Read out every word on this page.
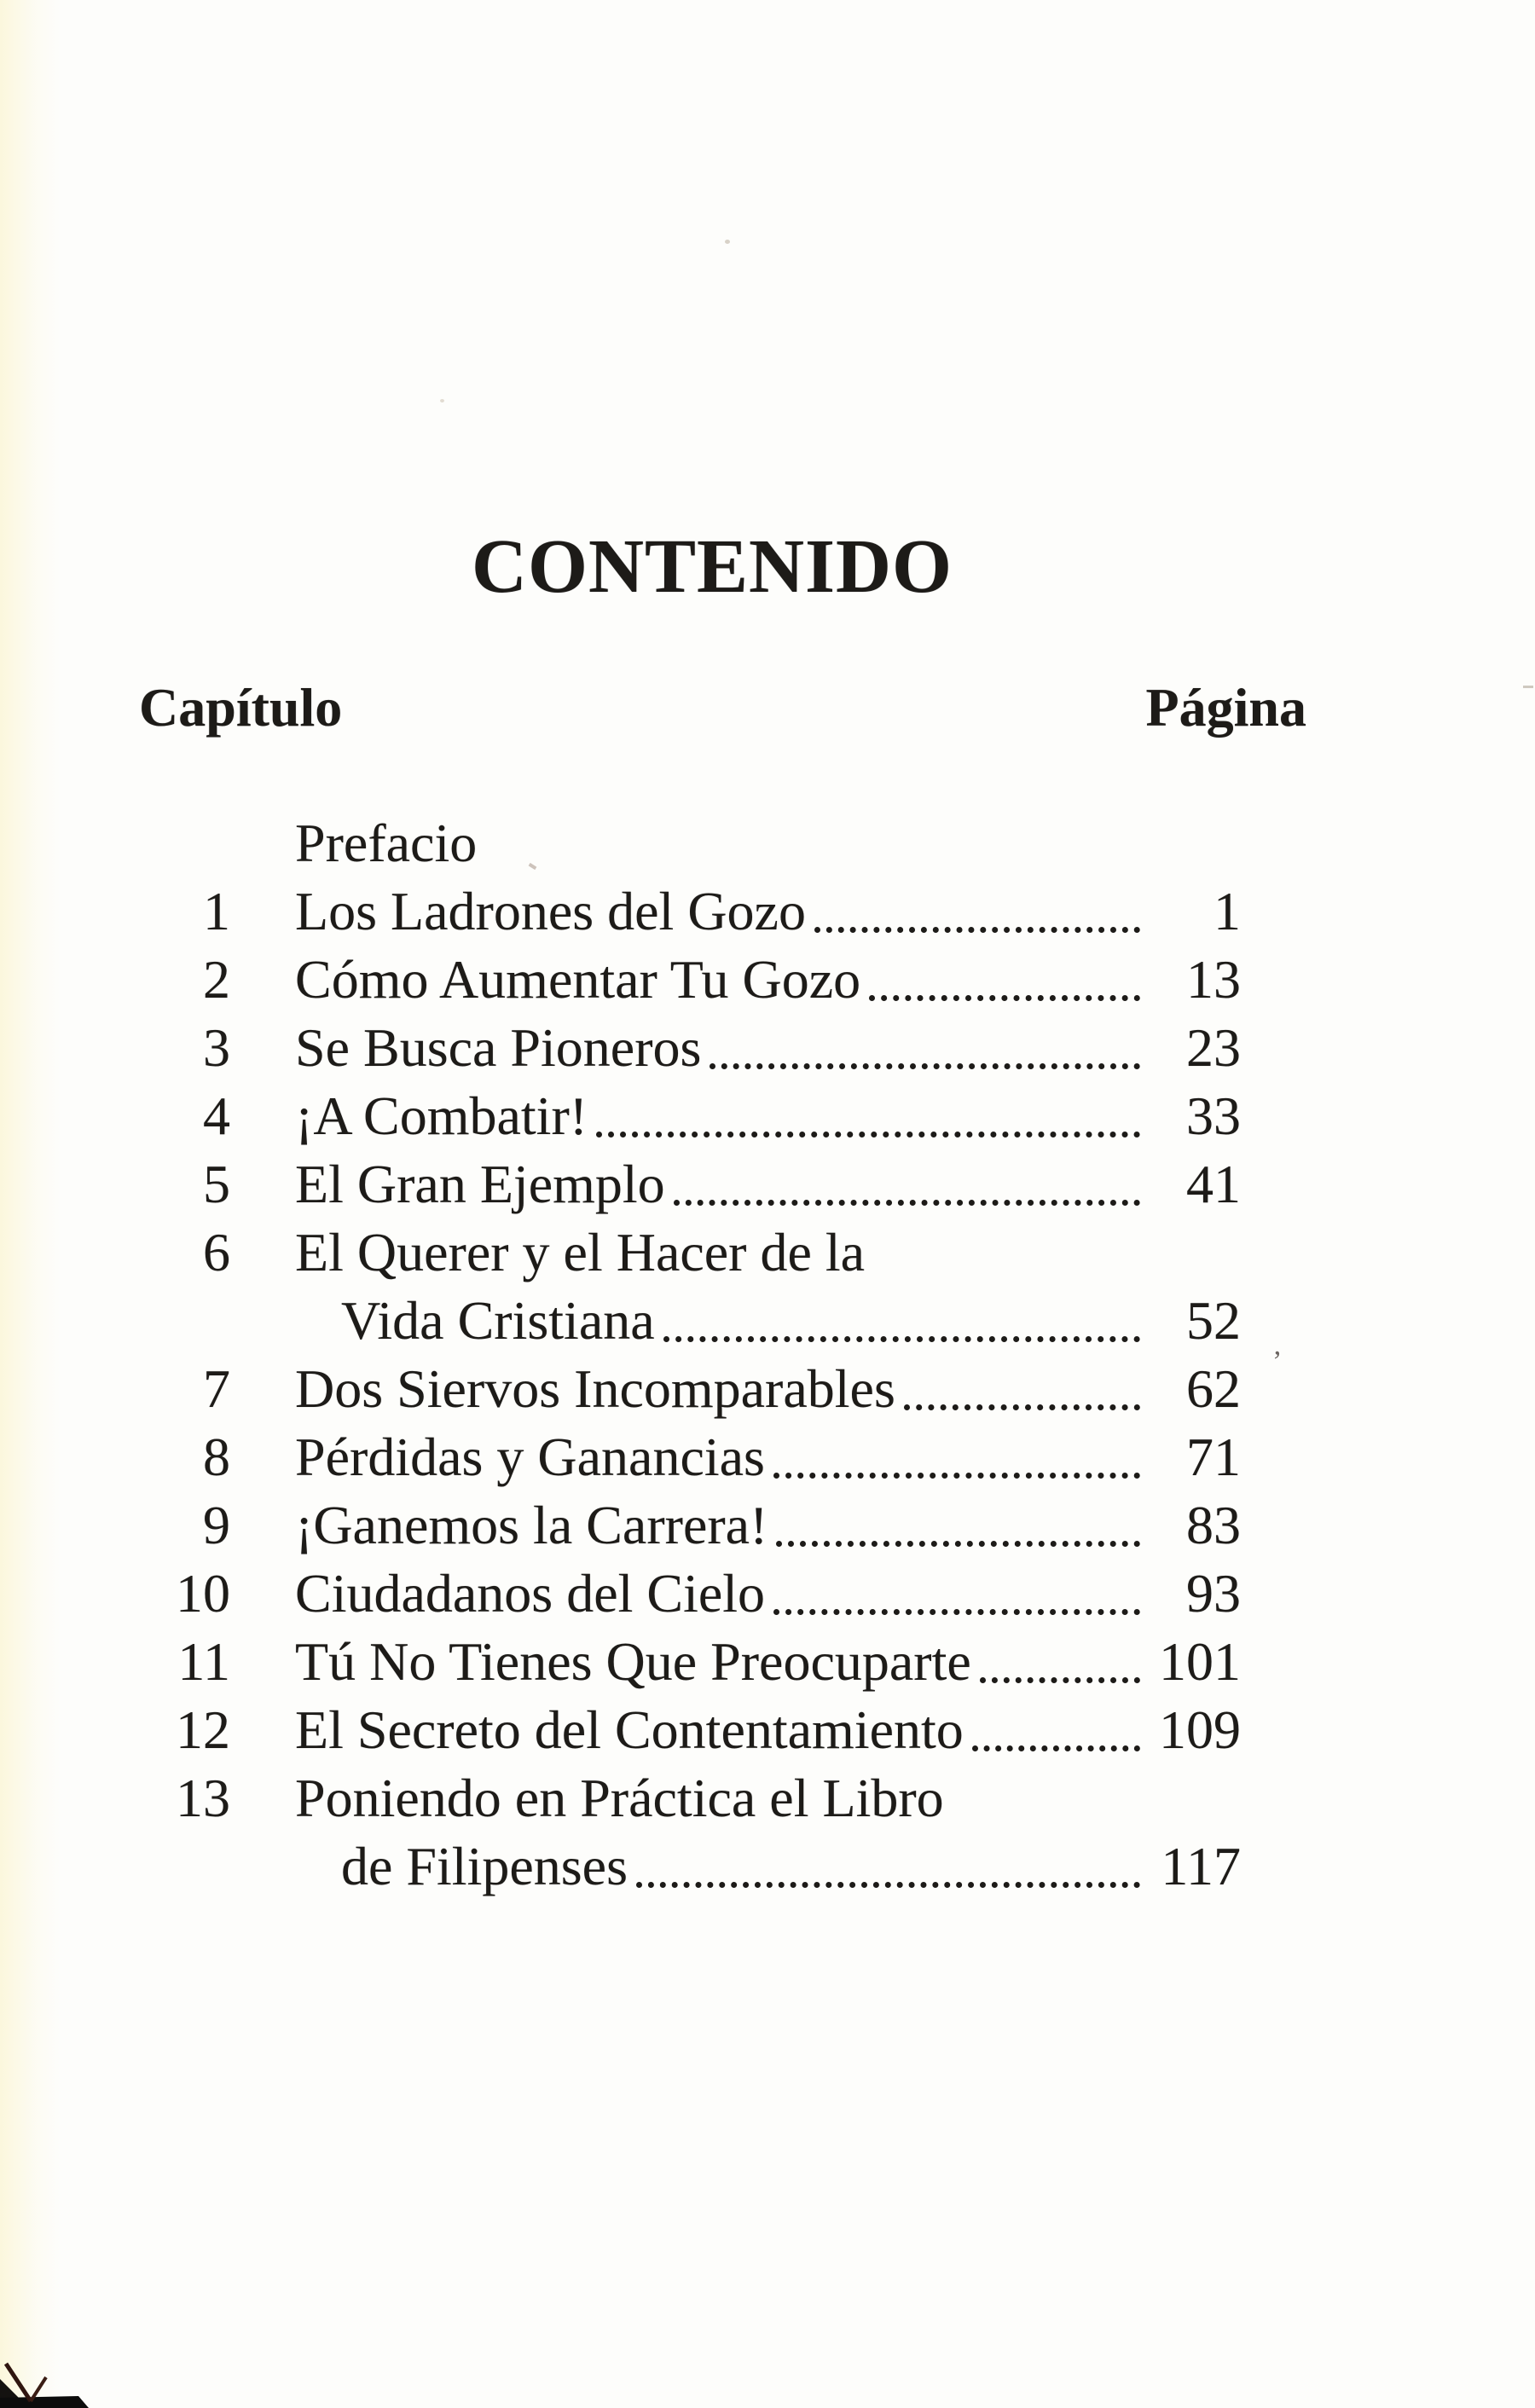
CONTENIDO
Capítulo	Página
Prefacio
1 Los Ladrones del Gozo	1
2 Cómo Aumentar Tu Gozo	13
3 Se Busca Pioneros	23
4 ¡A Combatir!	33
5 El Gran Ejemplo	41
6 El Querer y el Hacer de la
Vida Cristiana	52
7 Dos Siervos Incomparables	62
8 Pérdidas y Ganancias	71
9 ¡Ganemos la Carrera!	83
10 Ciudadanos del Cielo	93
11 Tú No Tienes Que Preocuparte	101
12 El Secreto del Contentamiento	109
13 Poniendo en Práctica el Libro
de Filipenses	117
’
